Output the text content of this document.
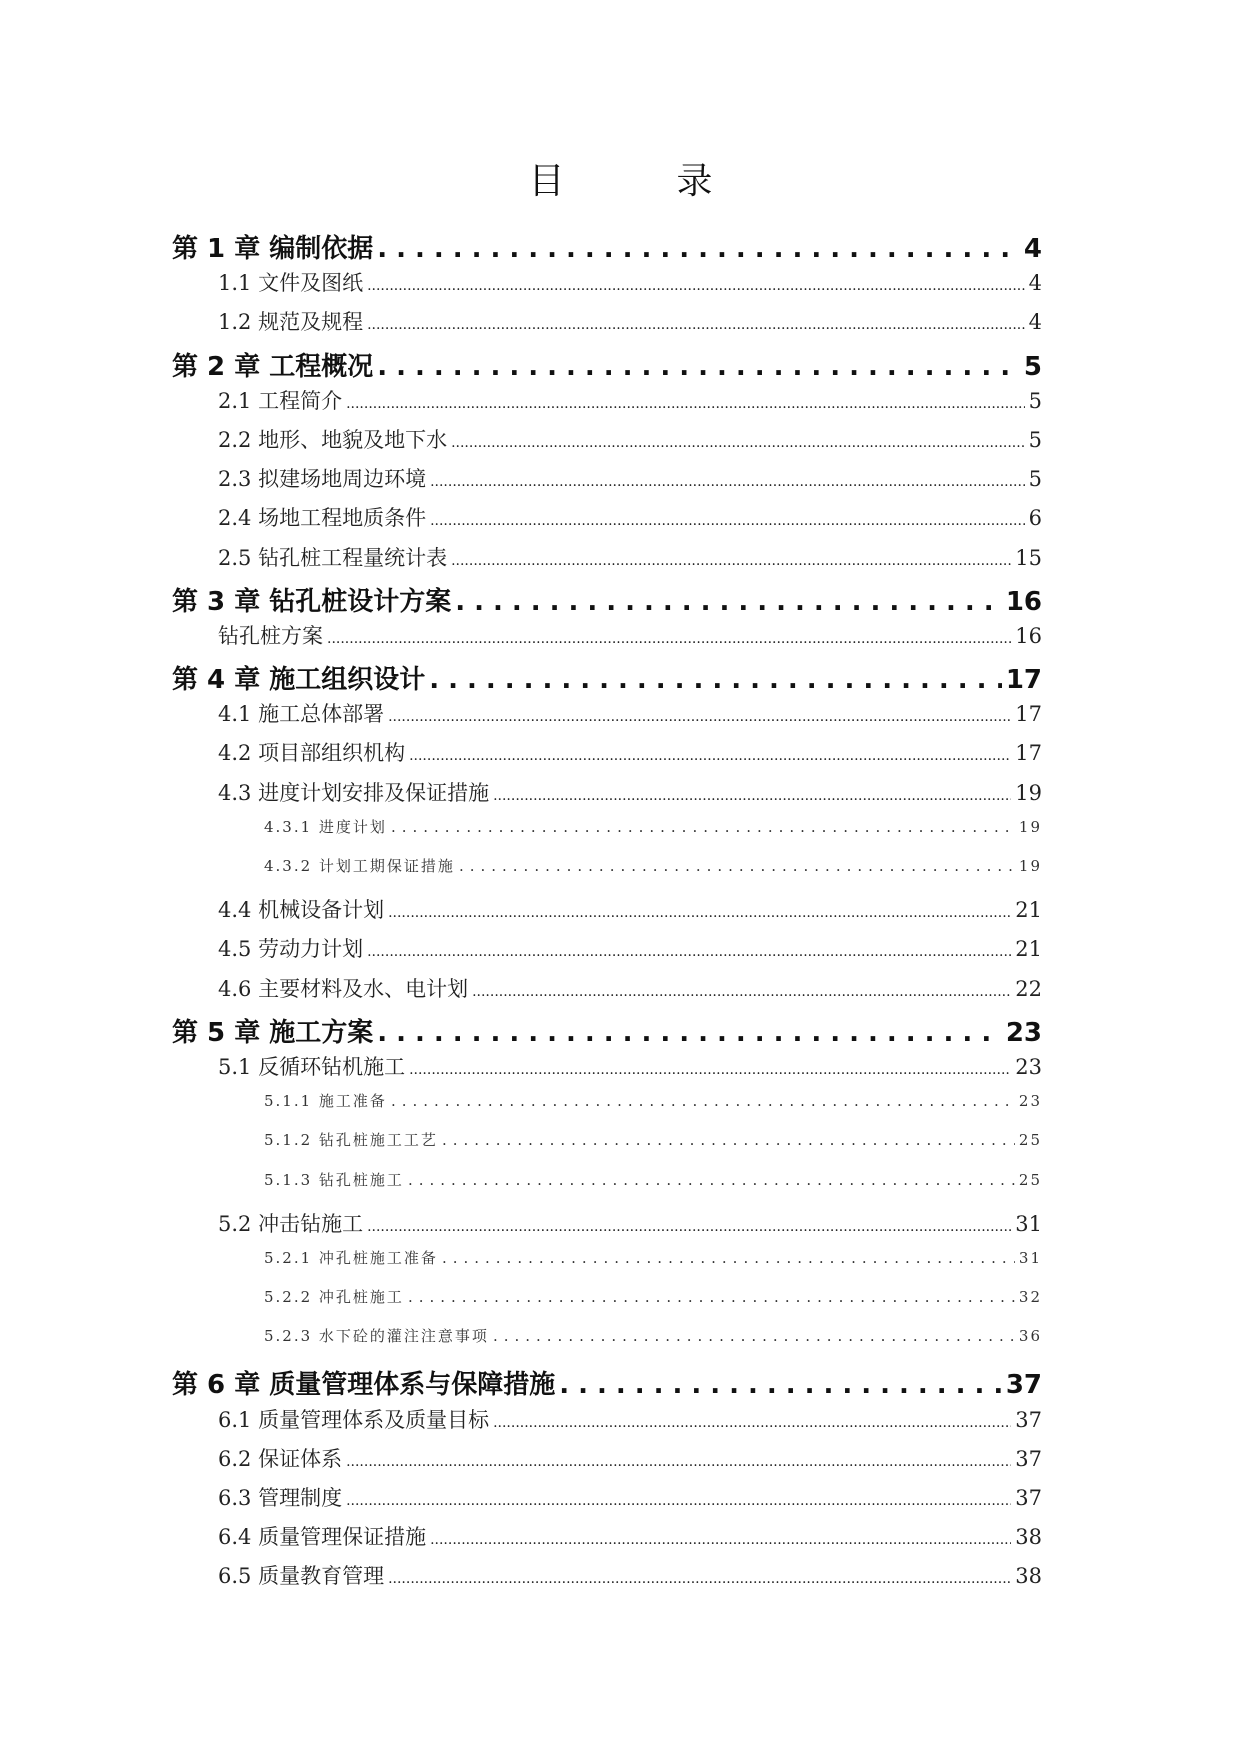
目　录
第 1 章 编制依据 .....	4
1.1 文件及图纸 .....	4
1.2 规范及规程 .....	4
第 2 章 工程概况 .....	5
2.1 工程简介 .....	5
2.2 地形、地貌及地下水 .....	5
2.3 拟建场地周边环境 .....	5
2.4 场地工程地质条件 .....	6
2.5 钻孔桩工程量统计表 .....	15
第 3 章 钻孔桩设计方案 .....	16
钻孔桩方案 .....	16
第 4 章 施工组织设计 .....	17
4.1 施工总体部署 .....	17
4.2 项目部组织机构 .....	17
4.3 进度计划安排及保证措施 .....	19
4.3.1 进度计划 .....	19
4.3.2 计划工期保证措施 .....	19
4.4 机械设备计划 .....	21
4.5 劳动力计划 .....	21
4.6 主要材料及水、电计划 .....	22
第 5 章 施工方案 .....	23
5.1 反循环钻机施工 .....	23
5.1.1 施工准备 .....	23
5.1.2 钻孔桩施工工艺 .....	25
5.1.3 钻孔桩施工 .....	25
5.2 冲击钻施工 .....	31
5.2.1 冲孔桩施工准备 .....	31
5.2.2 冲孔桩施工 .....	32
5.2.3 水下砼的灌注注意事项 .....	36
第 6 章 质量管理体系与保障措施 .....	37
6.1 质量管理体系及质量目标 .....	37
6.2 保证体系 .....	37
6.3 管理制度 .....	37
6.4 质量管理保证措施 .....	38
6.5 质量教育管理 .....	38
